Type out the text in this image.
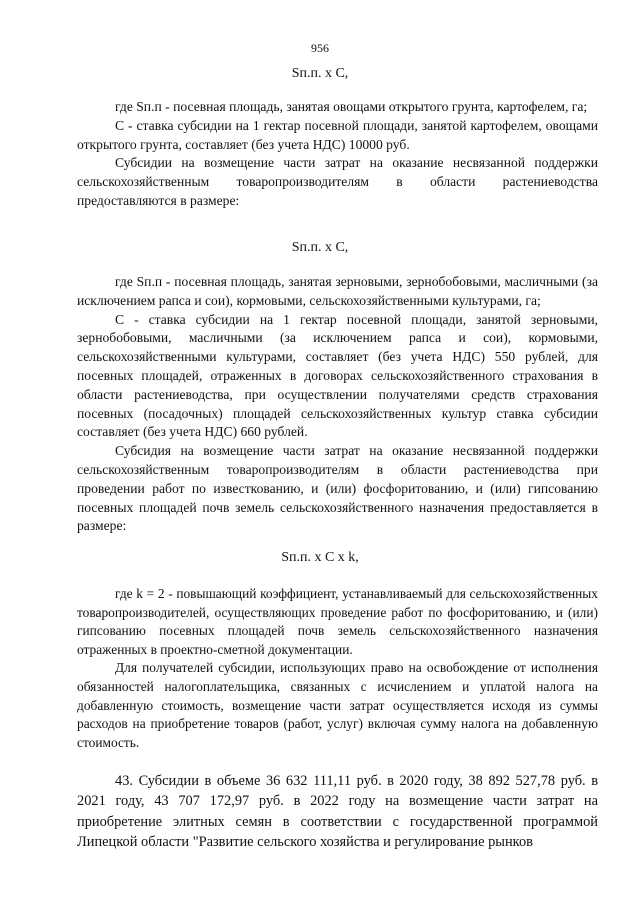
956
Sп.п. x C,

где Sп.п - посевная площадь, занятая овощами открытого грунта, картофелем, га;

С - ставка субсидии на 1 гектар посевной площади, занятой картофелем, овощами открытого грунта, составляет (без учета НДС) 10000 руб.

Субсидии на возмещение части затрат на оказание несвязанной поддержки сельскохозяйственным товаропроизводителям в области растениеводства предоставляются в размере:

Sп.п. x C,

где Sп.п - посевная площадь, занятая зерновыми, зернобобовыми, масличными (за исключением рапса и сои), кормовыми, сельскохозяйственными культурами, га;

С - ставка субсидии на 1 гектар посевной площади, занятой зерновыми, зернобобовыми, масличными (за исключением рапса и сои), кормовыми, сельскохозяйственными культурами, составляет (без учета НДС) 550 рублей, для посевных площадей, отраженных в договорах сельскохозяйственного страхования в области растениеводства, при осуществлении получателями средств страхования посевных (посадочных) площадей сельскохозяйственных культур ставка субсидии составляет (без учета НДС) 660 рублей.

Субсидия на возмещение части затрат на оказание несвязанной поддержки сельскохозяйственным товаропроизводителям в области растениеводства при проведении работ по известкованию, и (или) фосфоритованию, и (или) гипсованию посевных площадей почв земель сельскохозяйственного назначения предоставляется в размере:

Sп.п. x C x k,

где k = 2 - повышающий коэффициент, устанавливаемый для сельскохозяйственных товаропроизводителей, осуществляющих проведение работ по фосфоритованию, и (или) гипсованию посевных площадей почв земель сельскохозяйственного назначения отраженных в проектно-сметной документации.

Для получателей субсидии, использующих право на освобождение от исполнения обязанностей налогоплательщика, связанных с исчислением и уплатой налога на добавленную стоимость, возмещение части затрат осуществляется исходя из суммы расходов на приобретение товаров (работ, услуг) включая сумму налога на добавленную стоимость.

43. Субсидии в объеме 36 632 111,11 руб. в 2020 году, 38 892 527,78 руб. в 2021 году, 43 707 172,97 руб. в 2022 году на возмещение части затрат на приобретение элитных семян в соответствии с государственной программой Липецкой области "Развитие сельского хозяйства и регулирование рынков
